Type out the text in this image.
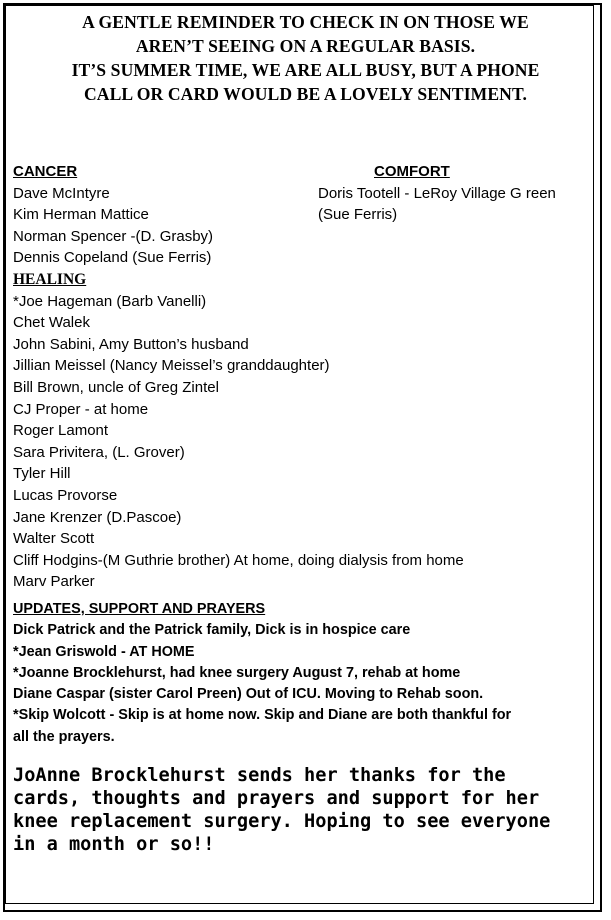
A GENTLE REMINDER TO CHECK IN ON THOSE WE
AREN’T SEEING ON A REGULAR BASIS.
IT’S SUMMER TIME, WE ARE ALL BUSY, BUT A PHONE
CALL OR CARD WOULD BE A LOVELY SENTIMENT.
CANCER
Dave McIntyre
Kim Herman Mattice
Norman Spencer -(D. Grasby)
Dennis Copeland (Sue Ferris)
HEALING
*Joe Hageman (Barb Vanelli)
Chet Walek
John Sabini, Amy Button’s husband
Jillian Meissel (Nancy Meissel’s granddaughter)
Bill Brown, uncle of Greg Zintel
CJ Proper - at home
Roger Lamont
Sara Privitera, (L. Grover)
Tyler Hill
Lucas Provorse
Jane Krenzer (D.Pascoe)
Walter Scott
Cliff Hodgins-(M Guthrie brother) At home, doing dialysis from home
Marv Parker
COMFORT
Doris Tootell - LeRoy Village G reen
(Sue Ferris)
UPDATES, SUPPORT AND PRAYERS
Dick Patrick and the Patrick family, Dick is in hospice care
*Jean Griswold - AT HOME
*Joanne Brocklehurst, had knee surgery August 7, rehab at home
Diane Caspar (sister Carol Preen) Out of ICU. Moving to Rehab soon.
*Skip Wolcott - Skip is at home now. Skip and Diane are both thankful for
all the prayers.
JoAnne Brocklehurst sends her thanks for the
cards, thoughts and prayers and support for her
knee replacement surgery. Hoping to see everyone
in a month or so!!
